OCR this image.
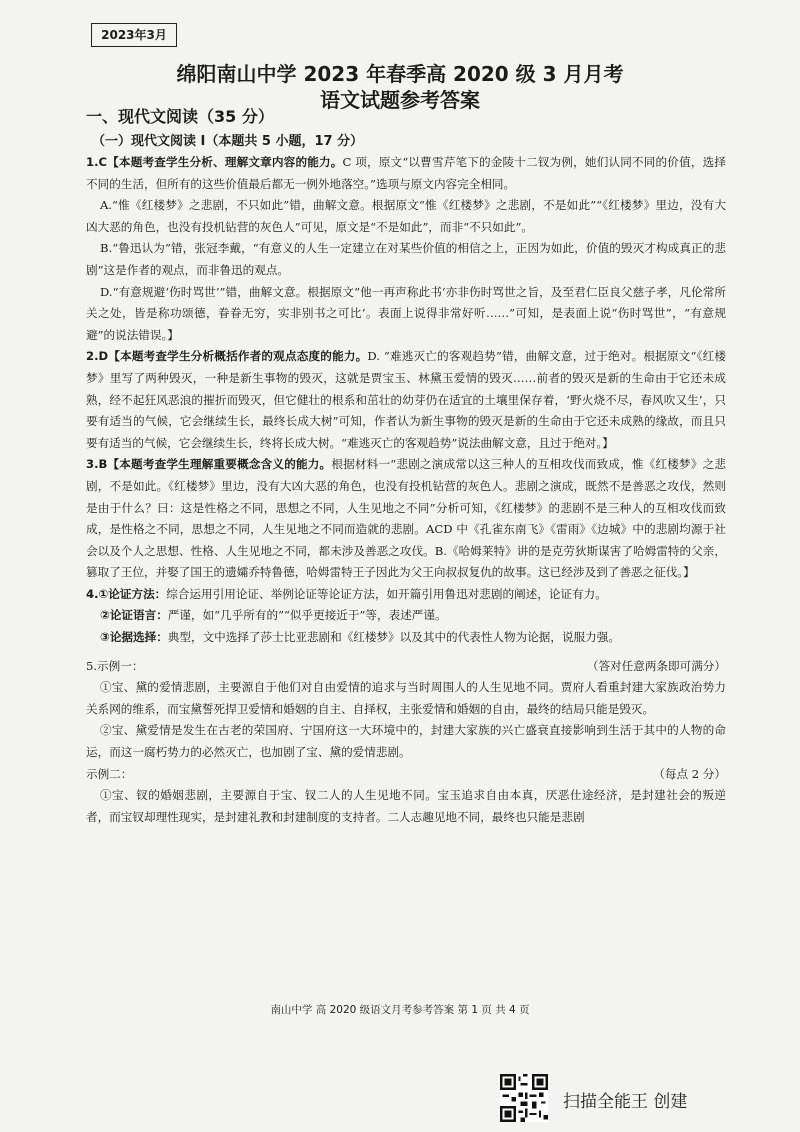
2023年3月
绵阳南山中学 2023 年春季高 2020 级 3 月月考
语文试题参考答案
一、现代文阅读（35 分）
（一）现代文阅读 I（本题共 5 小题，17 分）

1.C【本题考查学生分析、理解文章内容的能力。C 项，原文“以曹雪芹笔下的金陵十二钗为例，她们认同不同的价值，选择不同的生活，但所有的这些价值最后都无一例外地落空。”选项与原文内容完全相同。

A.“惟《红楼梦》之悲剧，不只如此”错，曲解文意。根据原文“惟《红楼梦》之悲剧，不是如此”“《红楼梦》里边，没有大凶大恶的角色，也没有投机钻营的灰色人”可见，原文是“不是如此”，而非“不只如此”。

B.“鲁迅认为”错，张冠李戴，“有意义的人生一定建立在对某些价值的相信之上，正因为如此，价值的毁灭才构成真正的悲剧”这是作者的观点，而非鲁迅的观点。

D.“有意规避‘伤时骂世’”错，曲解文意。根据原文“他一再声称此书‘亦非伤时骂世之旨，及至君仁臣良父慈子孝，凡伦常所关之处，皆是称功颂德，眷眷无穷，实非别书之可比’。表面上说得非常好听……”可知，是表面上说“伤时骂世”，“有意规避”的说法错误。】

2.D【本题考查学生分析概括作者的观点态度的能力。D. “难逃灭亡的客观趋势”错，曲解文意，过于绝对。根据原文“《红楼梦》里写了两种毁灭，一种是新生事物的毁灭，这就是贾宝玉、林黛玉爱情的毁灭……前者的毁灭是新的生命由于它还未成熟，经不起狂风恶浪的摧折而毁灭，但它健壮的根系和茁壮的幼芽仍在适宜的土壤里保存着，‘野火烧不尽，春风吹又生’，只要有适当的气候，它会继续生长，最终长成大树”可知，作者认为新生事物的毁灭是新的生命由于它还未成熟的缘故，而且只要有适当的气候，它会继续生长，终将长成大树。“难逃灭亡的客观趋势”说法曲解文意，且过于绝对。】

3.B【本题考查学生理解重要概念含义的能力。根据材料一“悲剧之演成常以这三种人的互相攻伐而致成，惟《红楼梦》之悲剧，不是如此。《红楼梦》里边，没有大凶大恶的角色，也没有投机钻营的灰色人。悲剧之演成，既然不是善恶之攻伐，然则是由于什么？曰：这是性格之不同，思想之不同，人生见地之不同”分析可知，《红楼梦》的悲剧不是三种人的互相攻伐而致成，是性格之不同，思想之不同，人生见地之不同而造就的悲剧。ACD 中《孔雀东南飞》《雷雨》《边城》中的悲剧均源于社会以及个人之思想、性格、人生见地之不同，都未涉及善恶之攻伐。B.《哈姆莱特》讲的是克劳狄斯谋害了哈姆雷特的父亲，篡取了王位，并娶了国王的遗孀乔特鲁德，哈姆雷特王子因此为父王向叔叔复仇的故事。这已经涉及到了善恶之征伐。】

4.①论证方法：综合运用引用论证、举例论证等论证方法，如开篇引用鲁迅对悲剧的阐述，论证有力。

②论证语言：严谨，如“几乎所有的”“似乎更接近于”等，表述严谨。

③论据选择：典型，文中选择了莎士比亚悲剧和《红楼梦》以及其中的代表性人物为论据，说服力强。

5.示例一：	（答对任意两条即可满分）

①宝、黛的爱情悲剧，主要源自于他们对自由爱情的追求与当时周围人的人生见地不同。贾府人看重封建大家族政治势力关系网的维系，而宝黛誓死捍卫爱情和婚姻的自主、自择权，主张爱情和婚姻的自由，最终的结局只能是毁灭。

②宝、黛爱情是发生在古老的荣国府、宁国府这一大环境中的，封建大家族的兴亡盛衰直接影响到生活于其中的人物的命运，而这一腐朽势力的必然灭亡，也加剧了宝、黛的爱情悲剧。

示例二：	（每点 2 分）

①宝、钗的婚姻悲剧，主要源自于宝、钗二人的人生见地不同。宝玉追求自由本真，厌恶仕途经济，是封建社会的叛逆者，而宝钗却理性现实，是封建礼教和封建制度的支持者。二人志趣见地不同，最终也只能是悲剧

南山中学 高 2020 级语文月考参考答案 第 1 页 共 4 页
扫描全能王 创建
